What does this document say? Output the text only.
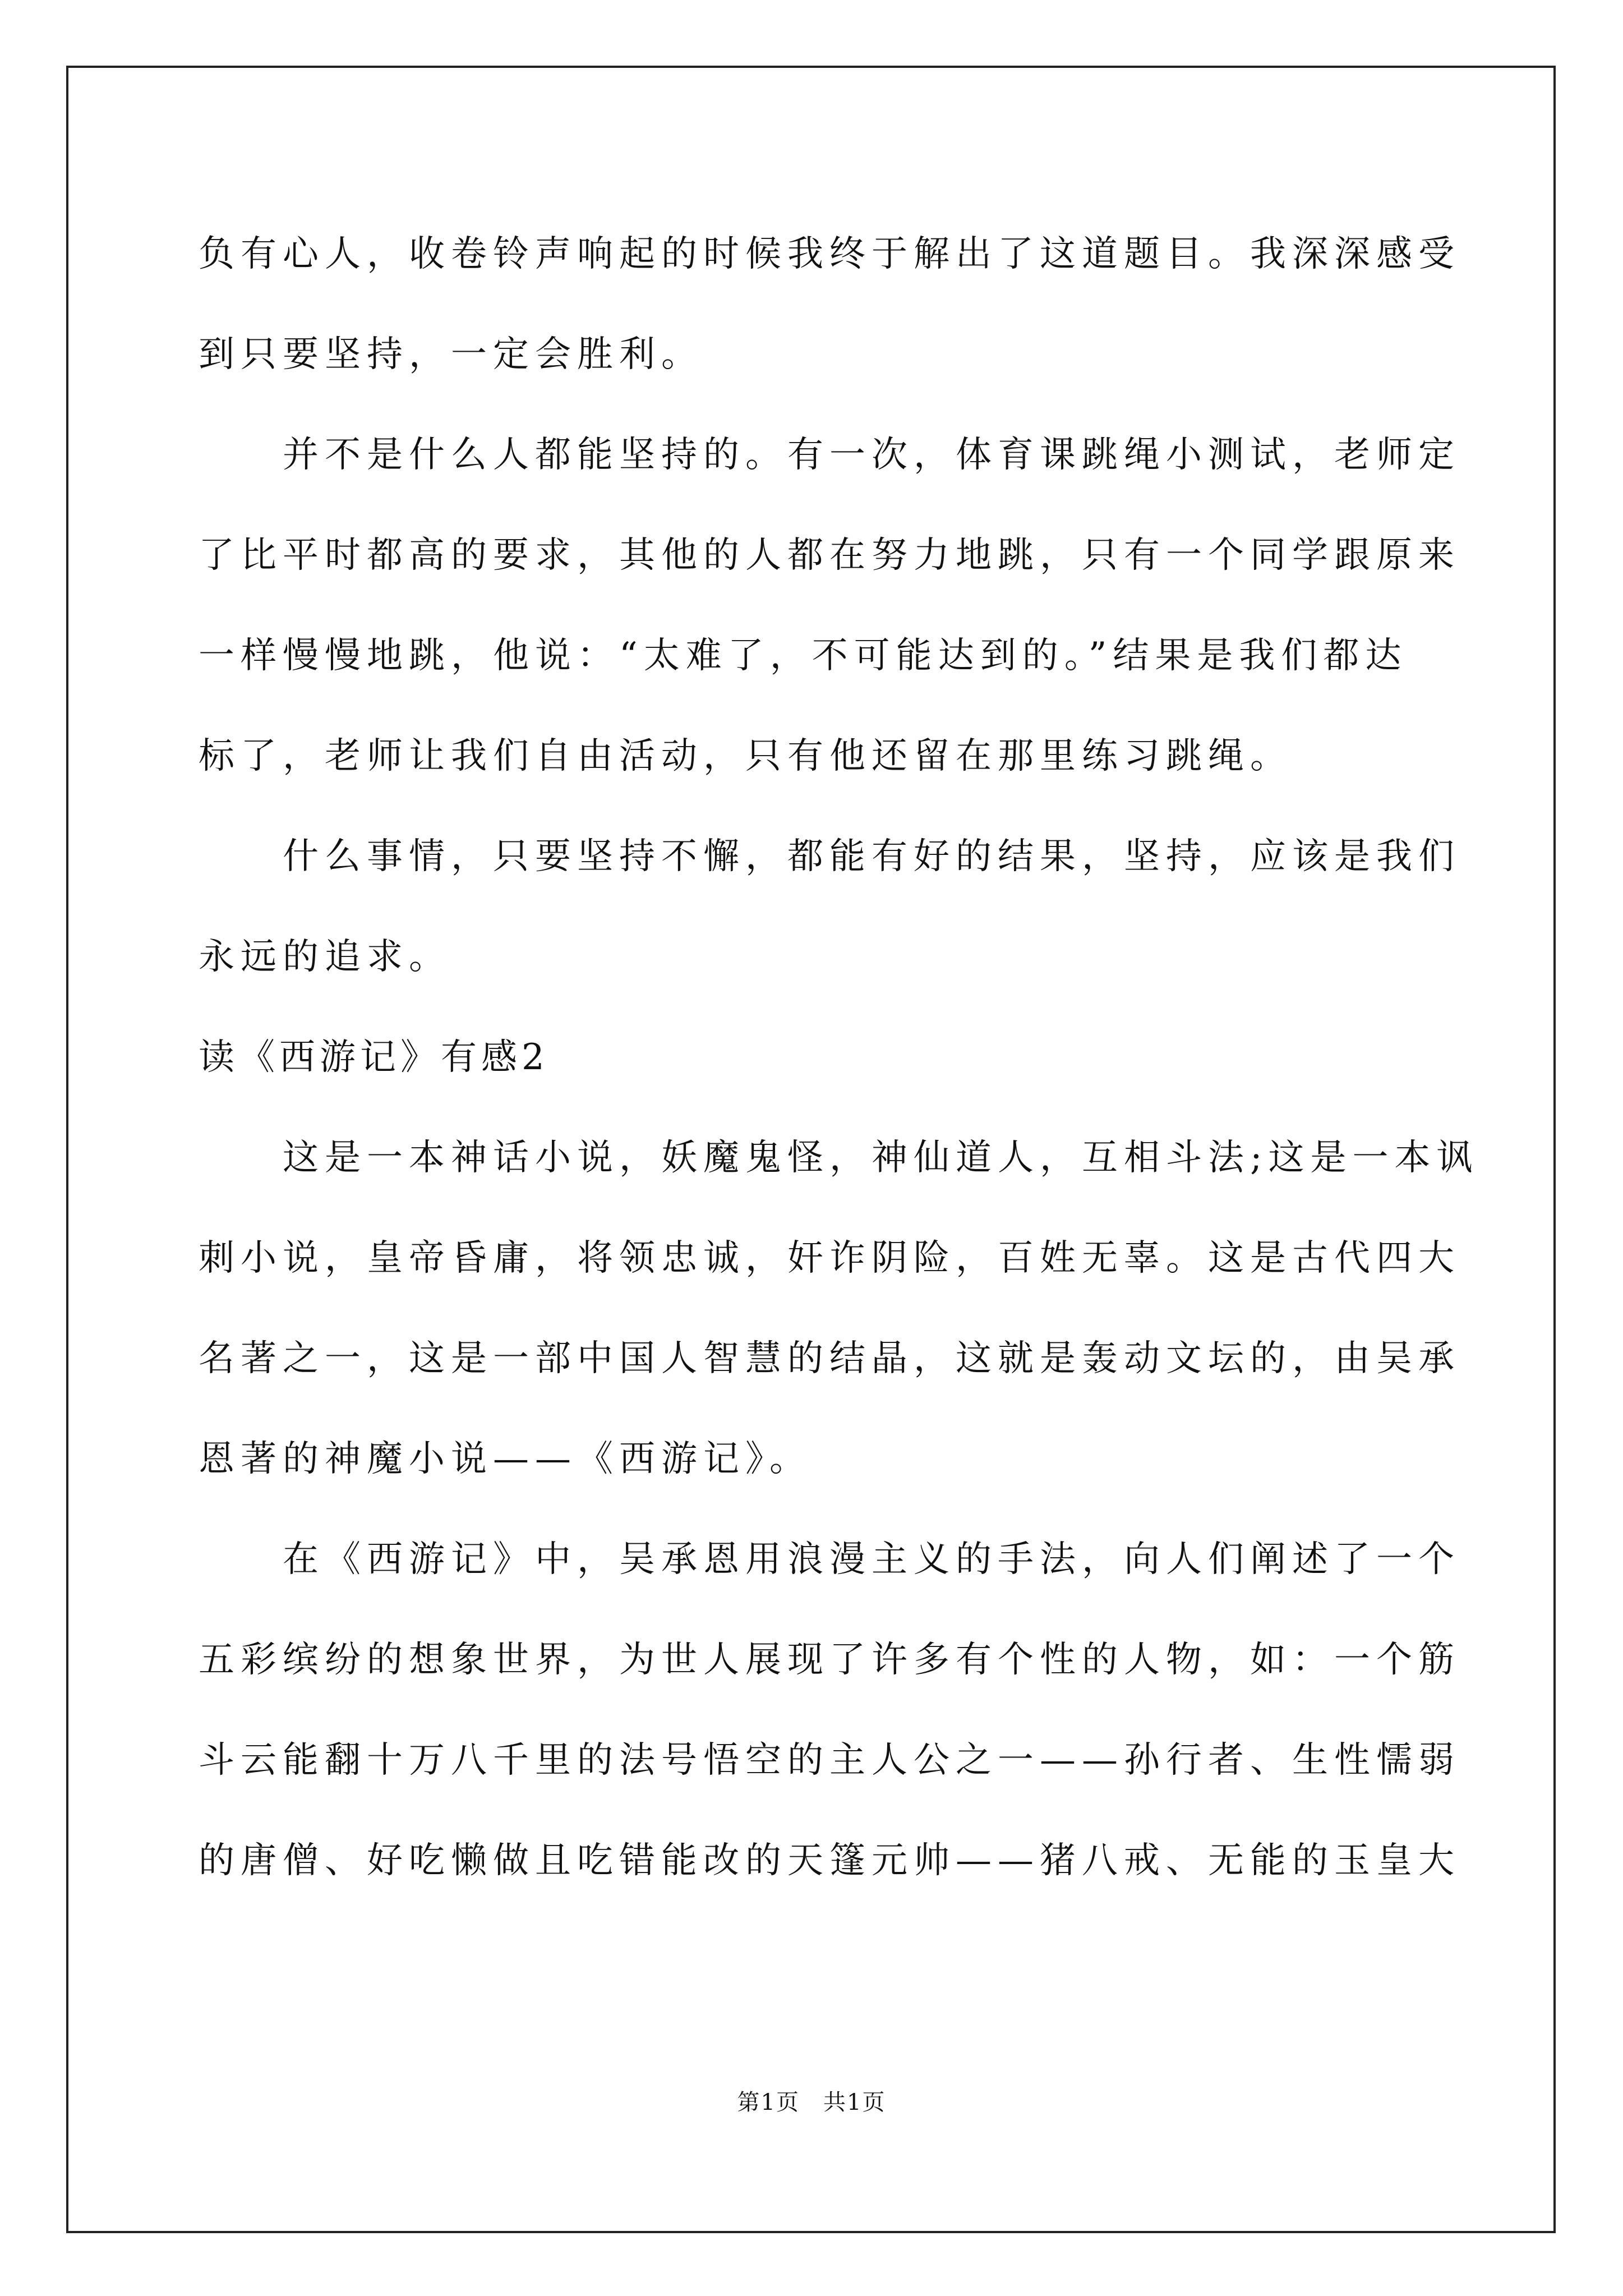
负有心人，收卷铃声响起的时候我终于解出了这道题目。我深深感受
到只要坚持，一定会胜利。
并不是什么人都能坚持的。有一次，体育课跳绳小测试，老师定
了比平时都高的要求，其他的人都在努力地跳，只有一个同学跟原来
一样慢慢地跳，他说：“太难了，不可能达到的。”结果是我们都达
标了，老师让我们自由活动，只有他还留在那里练习跳绳。
什么事情，只要坚持不懈，都能有好的结果，坚持，应该是我们
永远的追求。
读《西游记》有感2
这是一本神话小说，妖魔鬼怪，神仙道人，互相斗法;这是一本讽
刺小说，皇帝昏庸，将领忠诚，奸诈阴险，百姓无辜。这是古代四大
名著之一，这是一部中国人智慧的结晶，这就是轰动文坛的，由吴承
恩著的神魔小说——《西游记》。
在《西游记》中，吴承恩用浪漫主义的手法，向人们阐述了一个
五彩缤纷的想象世界，为世人展现了许多有个性的人物，如：一个筋
斗云能翻十万八千里的法号悟空的主人公之一——孙行者、生性懦弱
的唐僧、好吃懒做且吃错能改的天篷元帅——猪八戒、无能的玉皇大
第1页　共1页
